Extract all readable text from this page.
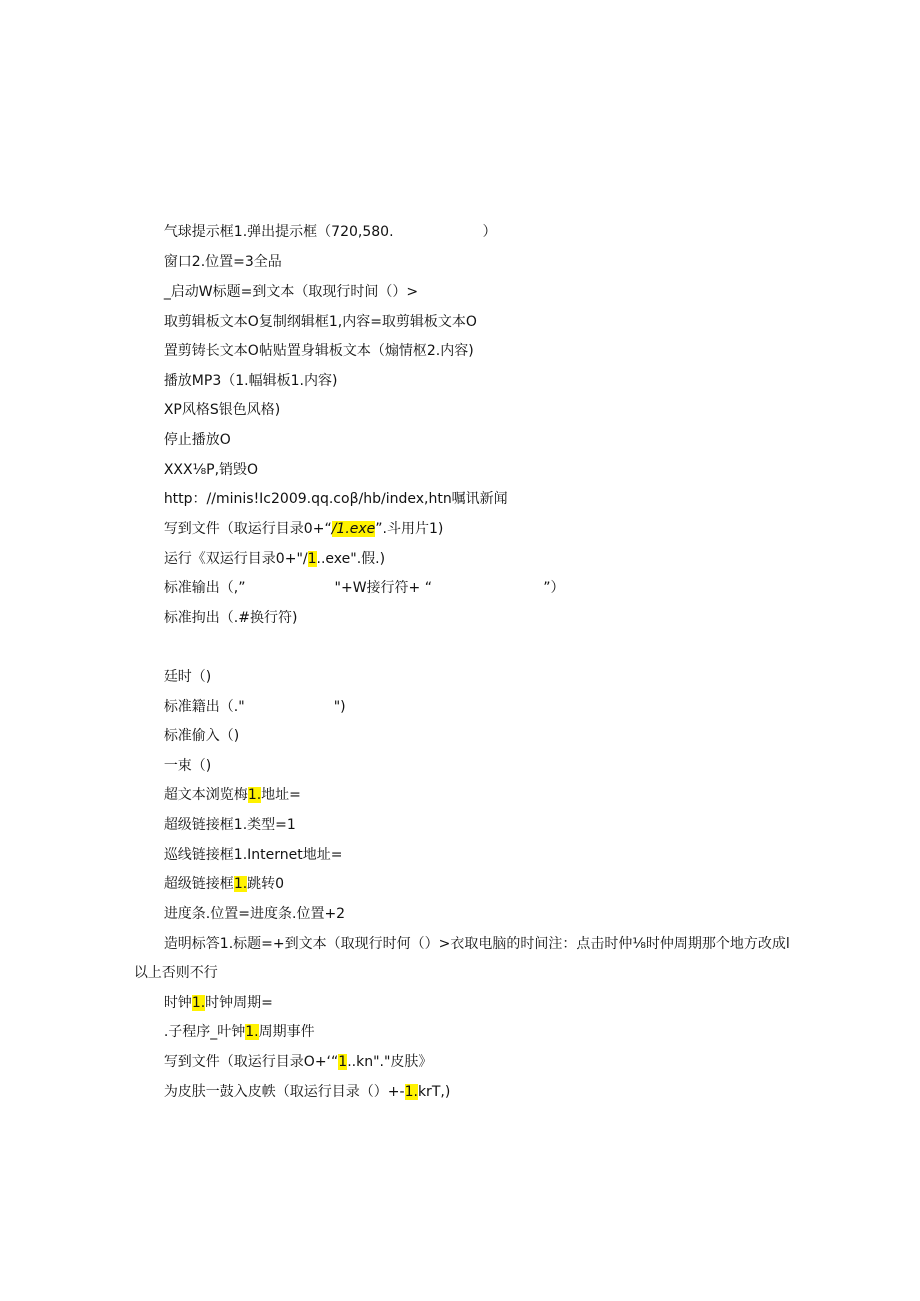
气球提示框1.弹出提示框（720,580.                    ）

窗口2.位置=3全品

_启动W标题=到文本（取现行时间（）>

取剪辑板文本O复制纲辑框1,内容=取剪辑板文本O

置剪铸长文本O帖贴置身辑板文本（煽情枢2.内容)

播放MP3（1.幅辑板1.内容)

XP风格S银色风格)

停止播放O

XXX⅛P,销毁O

http：//minis!Ic2009.qq.coβ∕hb∕index,htn嘱讯新闻

写到文件（取运行目录0+“/1.exe”.斗用片1)

运行《双运行目录0+"/1..exe".假.)

标准输出（,”                    "+W接行符+ “                         ”）

标准拘出（.#换行符)

廷时（)

标准籍出（."                    ")

标准偷入（)

一束（)

超文本浏览梅1.地址=

超级链接框1.类型=1

巡线链接框1.Internet地址=

超级链接框1.跳转0

进度条.位置=进度条.位置+2

造明标答1.标题=+到文本（取现行时何（）>衣取电脑的时间注：点击时仲⅛时仲周期那个地方改成l

以上否则不行

时钟1.时钟周期=

.子程序_叶钟1.周期事件

写到文件（取运行目录O+‘“1..kn"."皮肤》

为皮肤一鼓入皮帙（取运行目录（）+-1.krT,)
